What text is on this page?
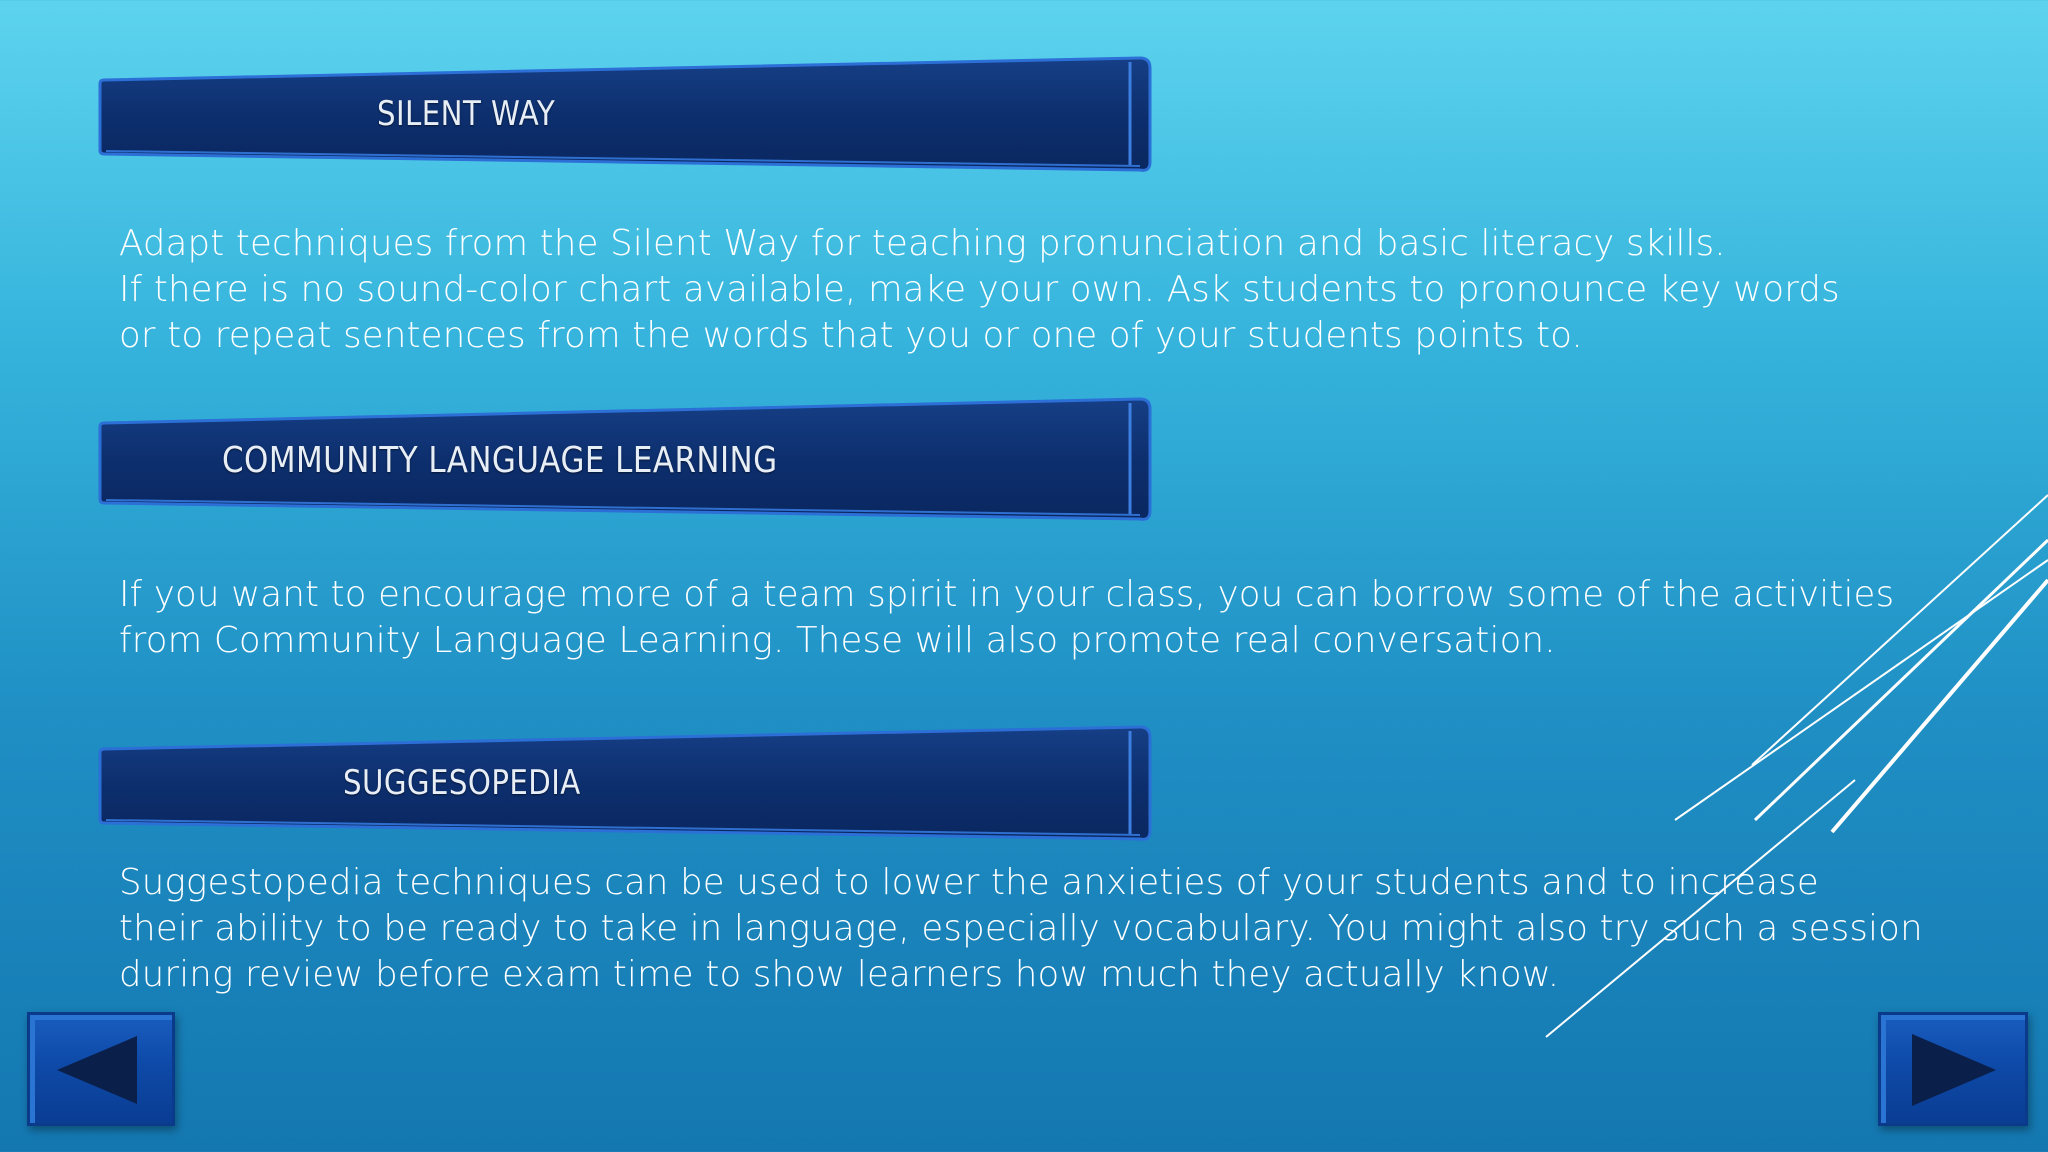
SILENT WAY

Adapt techniques from the Silent Way for teaching pronunciation and basic literacy skills.

If there is no sound-color chart available, make your own. Ask students to pronounce key words

or to repeat sentences from the words that you or one of your students points to.

COMMUNITY LANGUAGE LEARNING

If you want to encourage more of a team spirit in your class, you can borrow some of the activities

from Community Language Learning. These will also promote real conversation.

SUGGESOPEDIA

Suggestopedia techniques can be used to lower the anxieties of your students and to increase

their ability to be ready to take in language, especially vocabulary. You might also try such a session

during review before exam time to show learners how much they actually know.
